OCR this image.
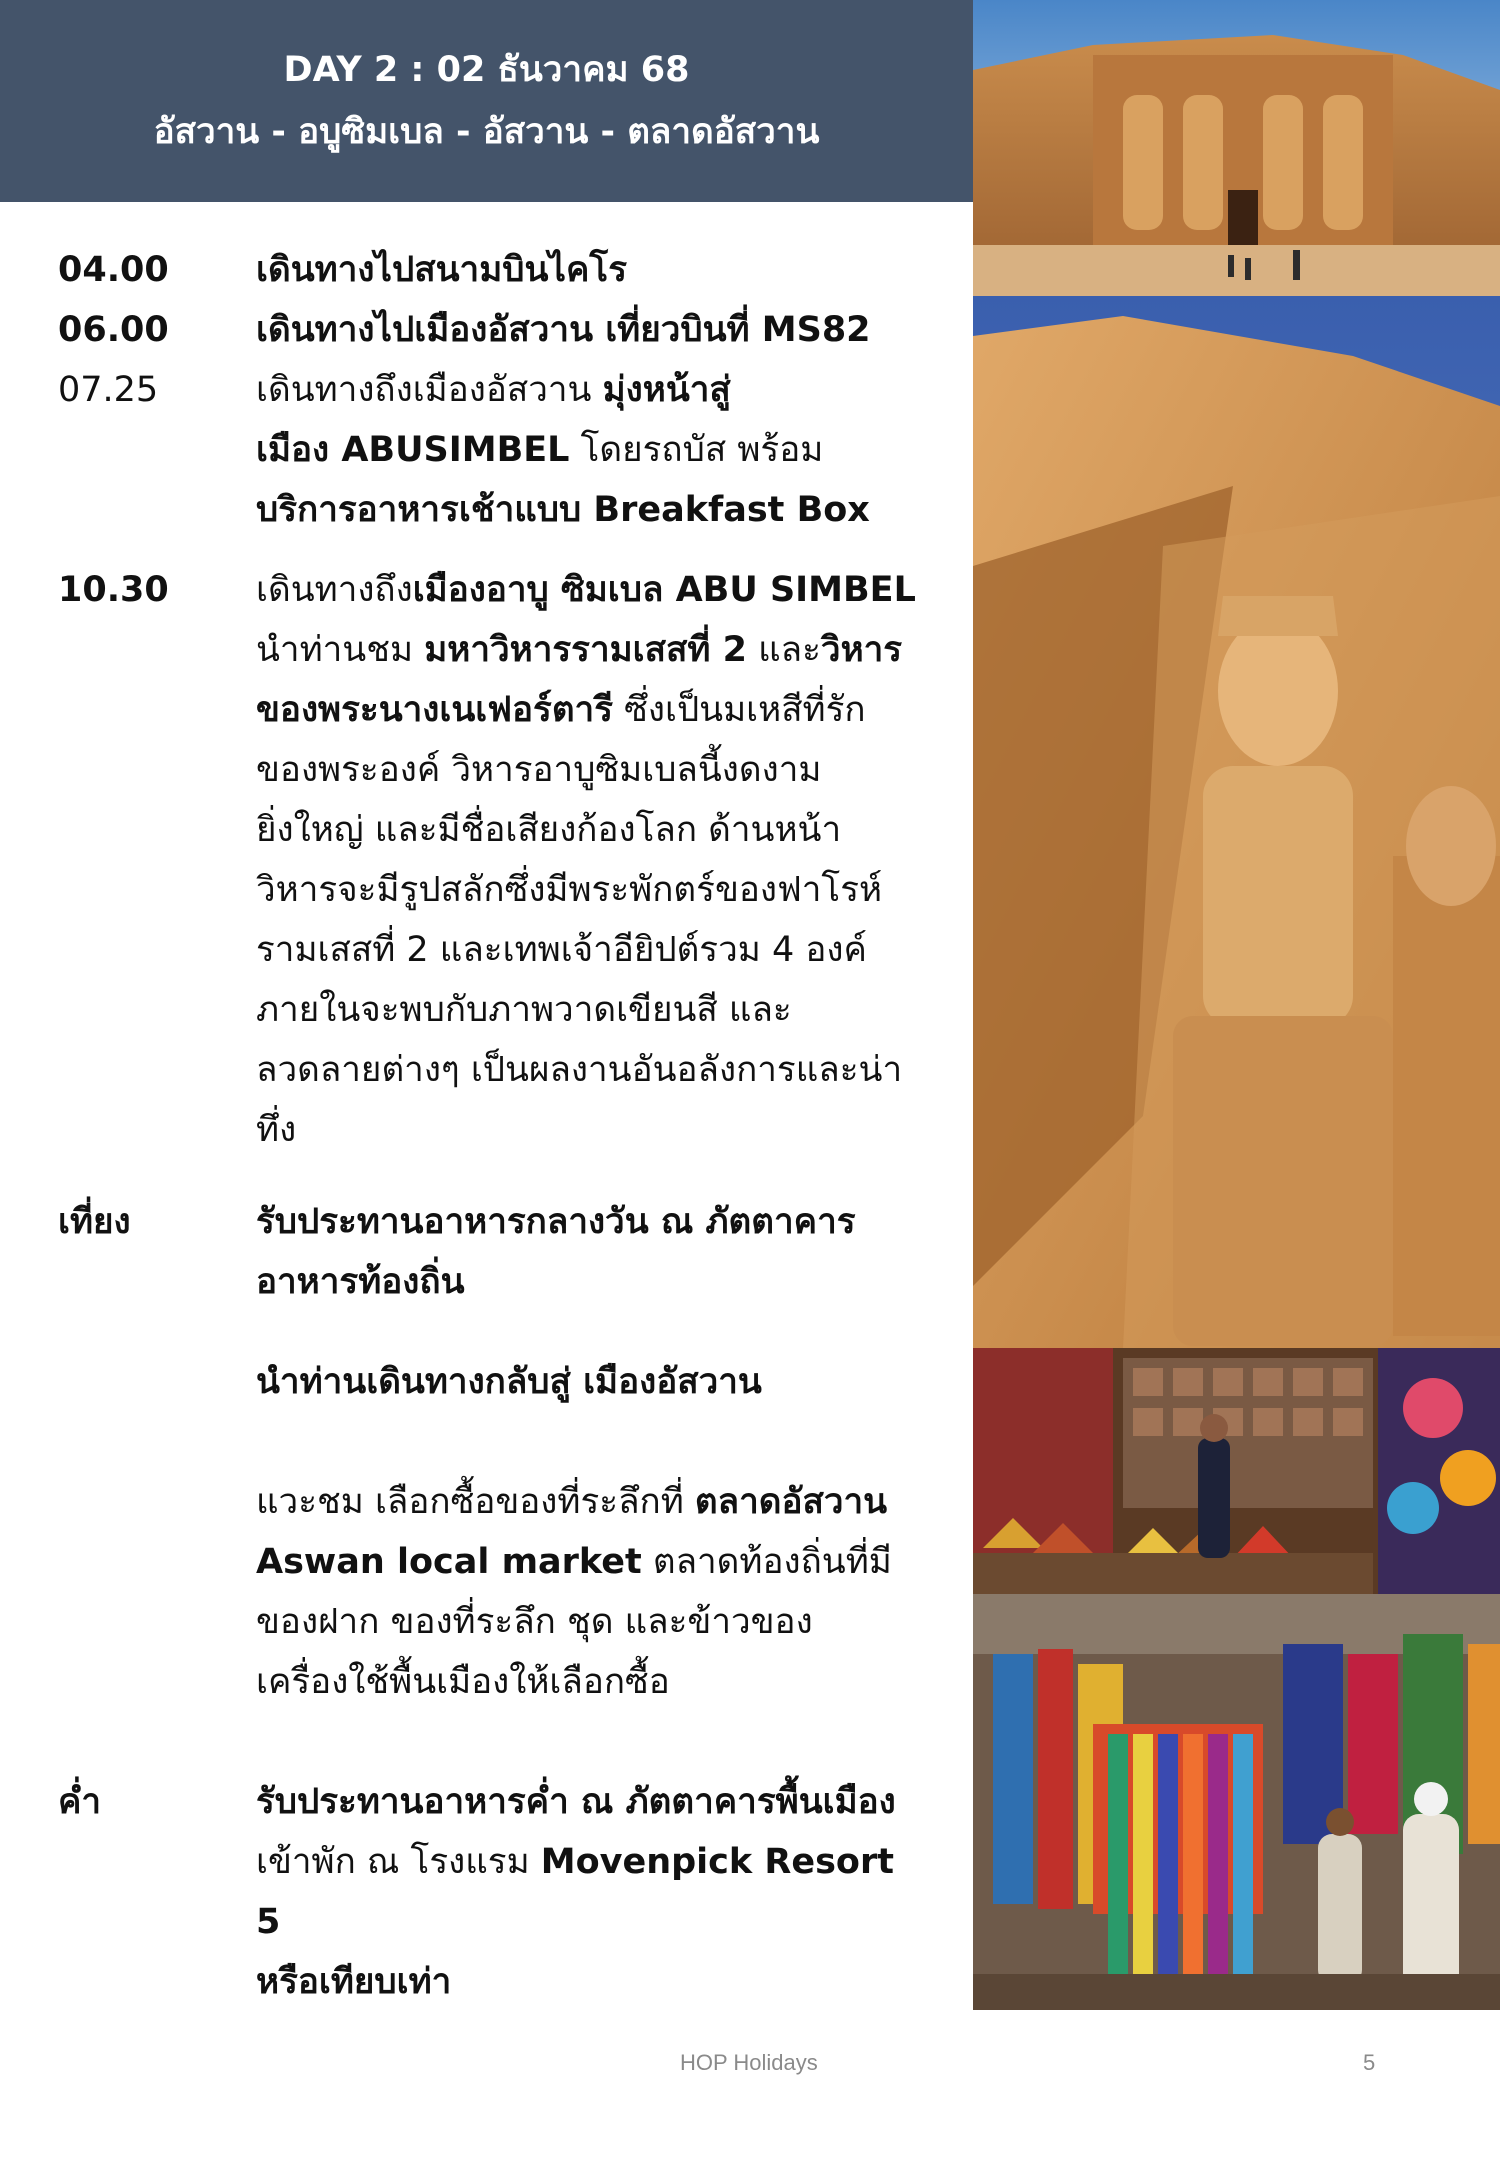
DAY 2 : 02 ธันวาคม 68
อัสวาน - อบูซิมเบล - อัสวาน - ตลาดอัสวาน
04.00	เดินทางไปสนามบินไคโร
06.00	เดินทางไปเมืองอัสวาน เที่ยวบินที่ MS82
07.25	เดินทางถึงเมืองอัสวาน มุ่งหน้าสู่

เมือง ABUSIMBEL โดยรถบัส พร้อม

บริการอาหารเช้าแบบ Breakfast Box

10.30	เดินทางถึงเมืองอาบู ซิมเบล ABU SIMBEL

นำท่านชม มหาวิหารรามเสสที่ 2 และวิหาร

ของพระนางเนเฟอร์ตารี ซึ่งเป็นมเหสีที่รัก

ของพระองค์ วิหารอาบูซิมเบลนี้งดงาม

ยิ่งใหญ่ และมีชื่อเสียงก้องโลก ด้านหน้า

วิหารจะมีรูปสลักซึ่งมีพระพักตร์ของฟาโรห์

รามเสสที่ 2 และเทพเจ้าอียิปต์รวม 4 องค์

ภายในจะพบกับภาพวาดเขียนสี และ

ลวดลายต่างๆ เป็นผลงานอันอลังการและน่า

ทึ่ง

เที่ยง	รับประทานอาหารกลางวัน ณ ภัตตาคาร

อาหารท้องถิ่น

นำท่านเดินทางกลับสู่ เมืองอัสวาน

แวะชม เลือกซื้อของที่ระลึกที่ ตลาดอัสวาน

Aswan local market ตลาดท้องถิ่นที่มี

ของฝาก ของที่ระลึก ชุด และข้าวของ

เครื่องใช้พื้นเมืองให้เลือกซื้อ

ค่ำ	รับประทานอาหารค่ำ ณ ภัตตาคารพื้นเมือง

เข้าพัก ณ โรงแรม Movenpick Resort 5

หรือเทียบเท่า

HOP Holidays	5
